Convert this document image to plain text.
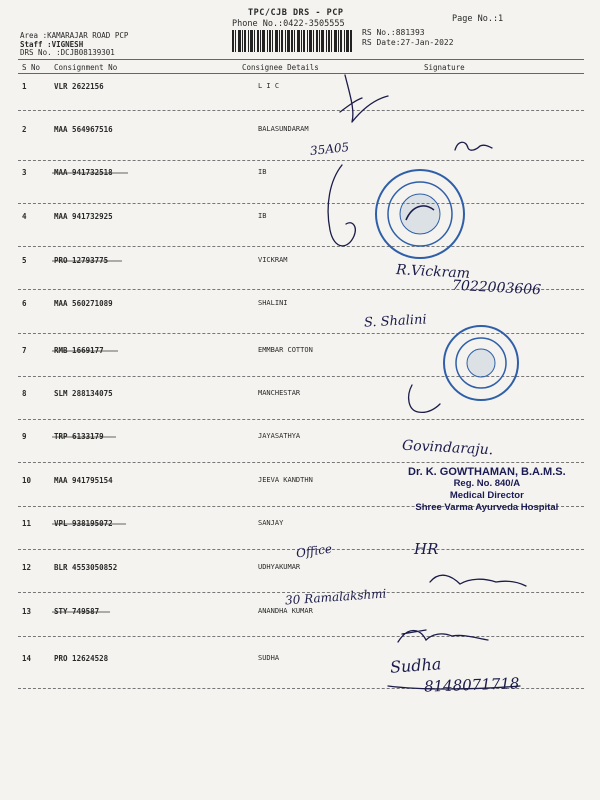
TPC/CJB DRS - PCP
Phone No.:0422-3505555	Page No.:1
Area :KAMARAJAR ROAD PCP
Staff :VIGNESH
DRS No. :DCJB08139301
RS No.:881393
RS Date:27-Jan-2022
S No Consignment No	Consignee Details	Signature
1	VLR 2622156	L I C
2	MAA 564967516	BALASUNDARAM
3	MAA 941732518	IB
4	MAA 941732925	IB
5	PRO 12793775	VICKRAM
6	MAA 560271089	SHALINI
7	RMB 1669177	EMMBAR COTTON
8	SLM 288134075	MANCHESTAR
9	TRP 6133179	JAYASATHYA
10	MAA 941795154	JEEVA KANDTHN
11	VPL 938195072	SANJAY
12	BLR 4553050852	UDHYAKUMAR
13	STY 749587	ANANDHA KUMAR
14	PRO 12624528	SUDHA
35A05
R.Vickram
7022003606
S. Shalini
Govindaraju.
Office	HR
30 Ramalakshmi
Sudha
8148071718
Dr. K. GOWTHAMAN, B.A.M.S.
Reg. No. 840/A
Medical Director
Shree Varma Ayurveda Hospital
